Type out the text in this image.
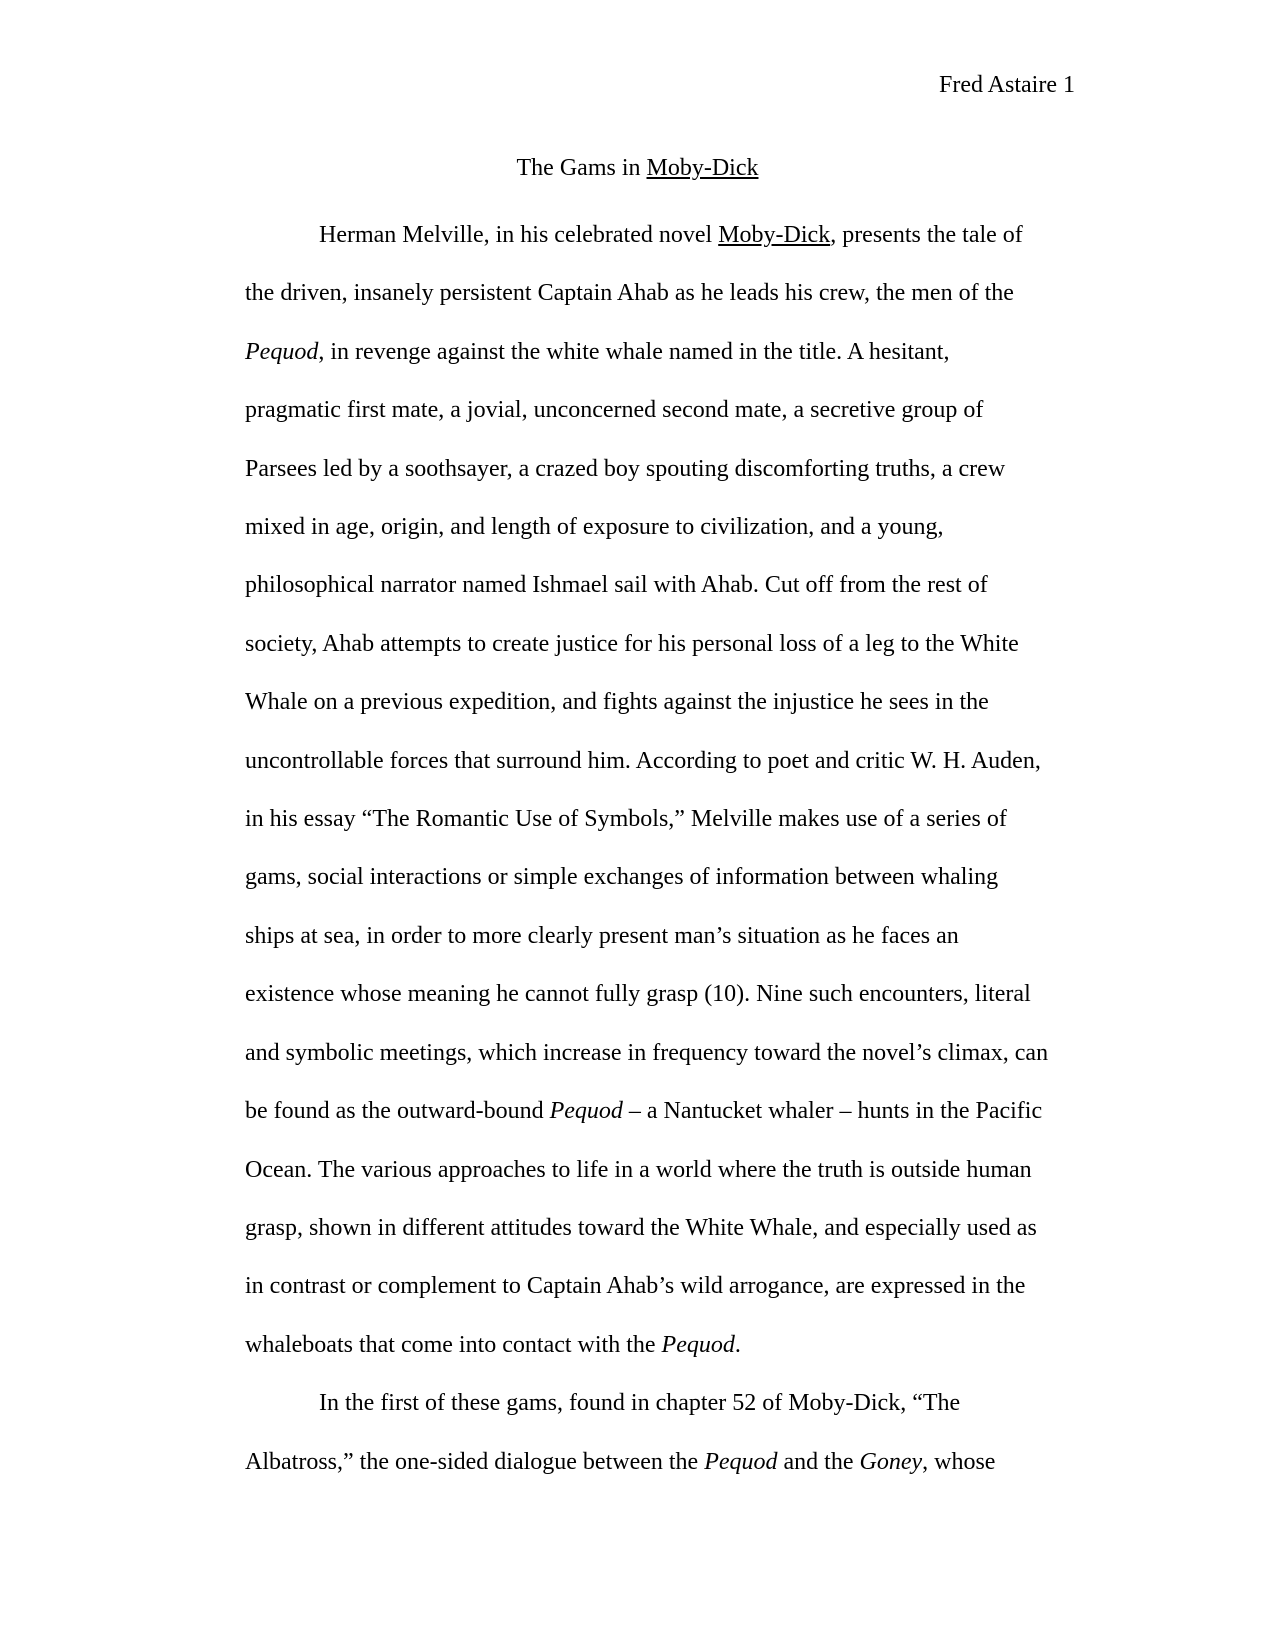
Fred Astaire 1
The Gams in Moby-Dick

Herman Melville, in his celebrated novel Moby-Dick, presents the tale of
the driven, insanely persistent Captain Ahab as he leads his crew, the men of the
Pequod, in revenge against the white whale named in the title. A hesitant,
pragmatic first mate, a jovial, unconcerned second mate, a secretive group of
Parsees led by a soothsayer, a crazed boy spouting discomforting truths, a crew
mixed in age, origin, and length of exposure to civilization, and a young,
philosophical narrator named Ishmael sail with Ahab. Cut off from the rest of
society, Ahab attempts to create justice for his personal loss of a leg to the White
Whale on a previous expedition, and fights against the injustice he sees in the
uncontrollable forces that surround him. According to poet and critic W. H. Auden,
in his essay “The Romantic Use of Symbols,” Melville makes use of a series of
gams, social interactions or simple exchanges of information between whaling
ships at sea, in order to more clearly present man’s situation as he faces an
existence whose meaning he cannot fully grasp (10). Nine such encounters, literal
and symbolic meetings, which increase in frequency toward the novel’s climax, can
be found as the outward-bound Pequod – a Nantucket whaler – hunts in the Pacific
Ocean. The various approaches to life in a world where the truth is outside human
grasp, shown in different attitudes toward the White Whale, and especially used as
in contrast or complement to Captain Ahab’s wild arrogance, are expressed in the
whaleboats that come into contact with the Pequod.

In the first of these gams, found in chapter 52 of Moby-Dick, “The
Albatross,” the one-sided dialogue between the Pequod and the Goney, whose
